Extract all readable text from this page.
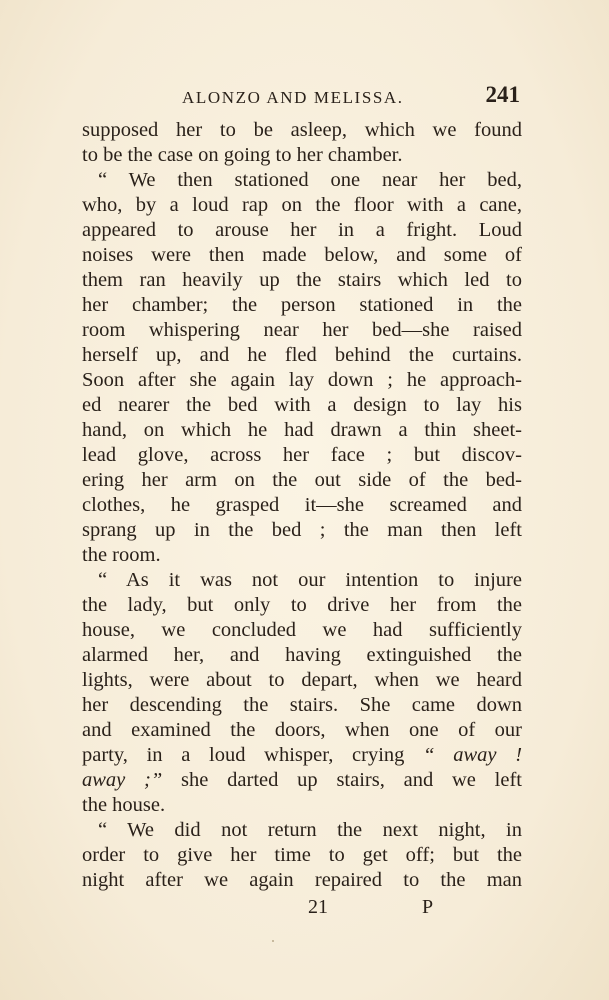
ALONZO AND MELISSA.	241
supposed her to be asleep, which we found
to be the case on going to her chamber.
“ We then stationed one near her bed,
who, by a loud rap on the floor with a cane,
appeared to arouse her in a fright. Loud
noises were then made below, and some of
them ran heavily up the stairs which led to
her chamber; the person stationed in the
room whispering near her bed—she raised
herself up, and he fled behind the curtains.
Soon after she again lay down ; he approach-
ed nearer the bed with a design to lay his
hand, on which he had drawn a thin sheet-
lead glove, across her face ; but discov-
ering her arm on the out side of the bed-
clothes, he grasped it—she screamed and
sprang up in the bed ; the man then left
the room.
“ As it was not our intention to injure
the lady, but only to drive her from the
house, we concluded we had sufficiently
alarmed her, and having extinguished the
lights, were about to depart, when we heard
her descending the stairs. She came down
and examined the doors, when one of our
party, in a loud whisper, crying “ away !
away ;” she darted up stairs, and we left
the house.
“ We did not return the next night, in
order to give her time to get off; but the
night after we again repaired to the man
21	P
